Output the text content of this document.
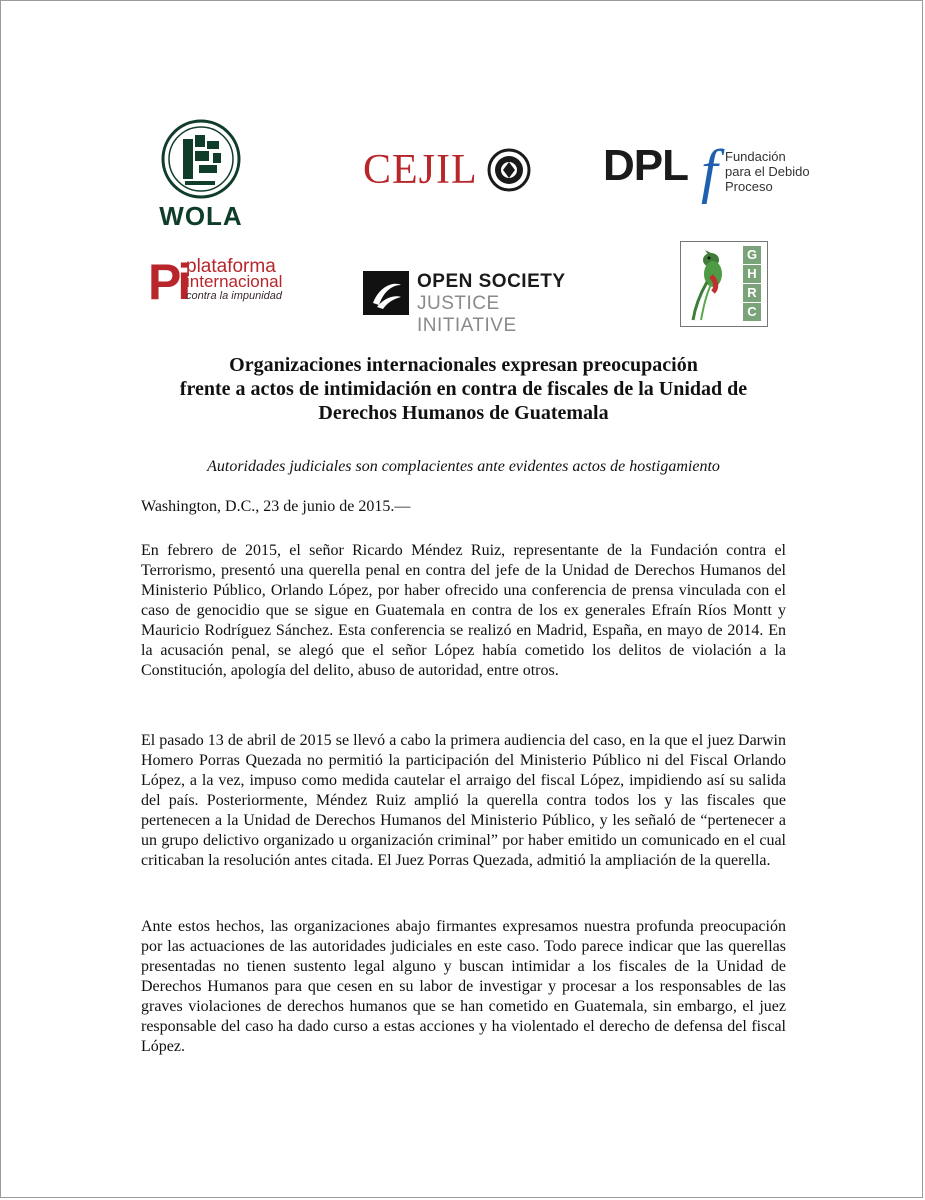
WOLA
CEJIL	DPL f Fundación
para el Debido
Proceso
Pi
plataforma
internacional
contra la impunidad
OPEN SOCIETY
JUSTICE INITIATIVE
G
H
R
C
Organizaciones internacionales expresan preocupación
frente a actos de intimidación en contra de fiscales de la Unidad de
Derechos Humanos de Guatemala
Autoridades judiciales son complacientes ante evidentes actos de hostigamiento

Washington, D.C., 23 de junio de 2015.—

En febrero de 2015, el señor Ricardo Méndez Ruiz, representante de la Fundación contra el Terrorismo, presentó una querella penal en contra del jefe de la Unidad de Derechos Humanos del Ministerio Público, Orlando López, por haber ofrecido una conferencia de prensa vinculada con el caso de genocidio que se sigue en Guatemala en contra de los ex generales Efraín Ríos Montt y Mauricio Rodríguez Sánchez. Esta conferencia se realizó en Madrid, España, en mayo de 2014. En la acusación penal, se alegó que el señor López había cometido los delitos de violación a la Constitución, apología del delito, abuso de autoridad, entre otros.

El pasado 13 de abril de 2015 se llevó a cabo la primera audiencia del caso, en la que el juez Darwin Homero Porras Quezada no permitió la participación del Ministerio Público ni del Fiscal Orlando López, a la vez, impuso como medida cautelar el arraigo del fiscal López, impidiendo así su salida del país. Posteriormente, Méndez Ruiz amplió la querella contra todos los y las fiscales que pertenecen a la Unidad de Derechos Humanos del Ministerio Público, y les señaló de “pertenecer a un grupo delictivo organizado u organización criminal” por haber emitido un comunicado en el cual criticaban la resolución antes citada. El Juez Porras Quezada, admitió la ampliación de la querella.

Ante estos hechos, las organizaciones abajo firmantes expresamos nuestra profunda preocupación por las actuaciones de las autoridades judiciales en este caso. Todo parece indicar que las querellas presentadas no tienen sustento legal alguno y buscan intimidar a los fiscales de la Unidad de Derechos Humanos para que cesen en su labor de investigar y procesar a los responsables de las graves violaciones de derechos humanos que se han cometido en Guatemala, sin embargo, el juez responsable del caso ha dado curso a estas acciones y ha violentado el derecho de defensa del fiscal López.
